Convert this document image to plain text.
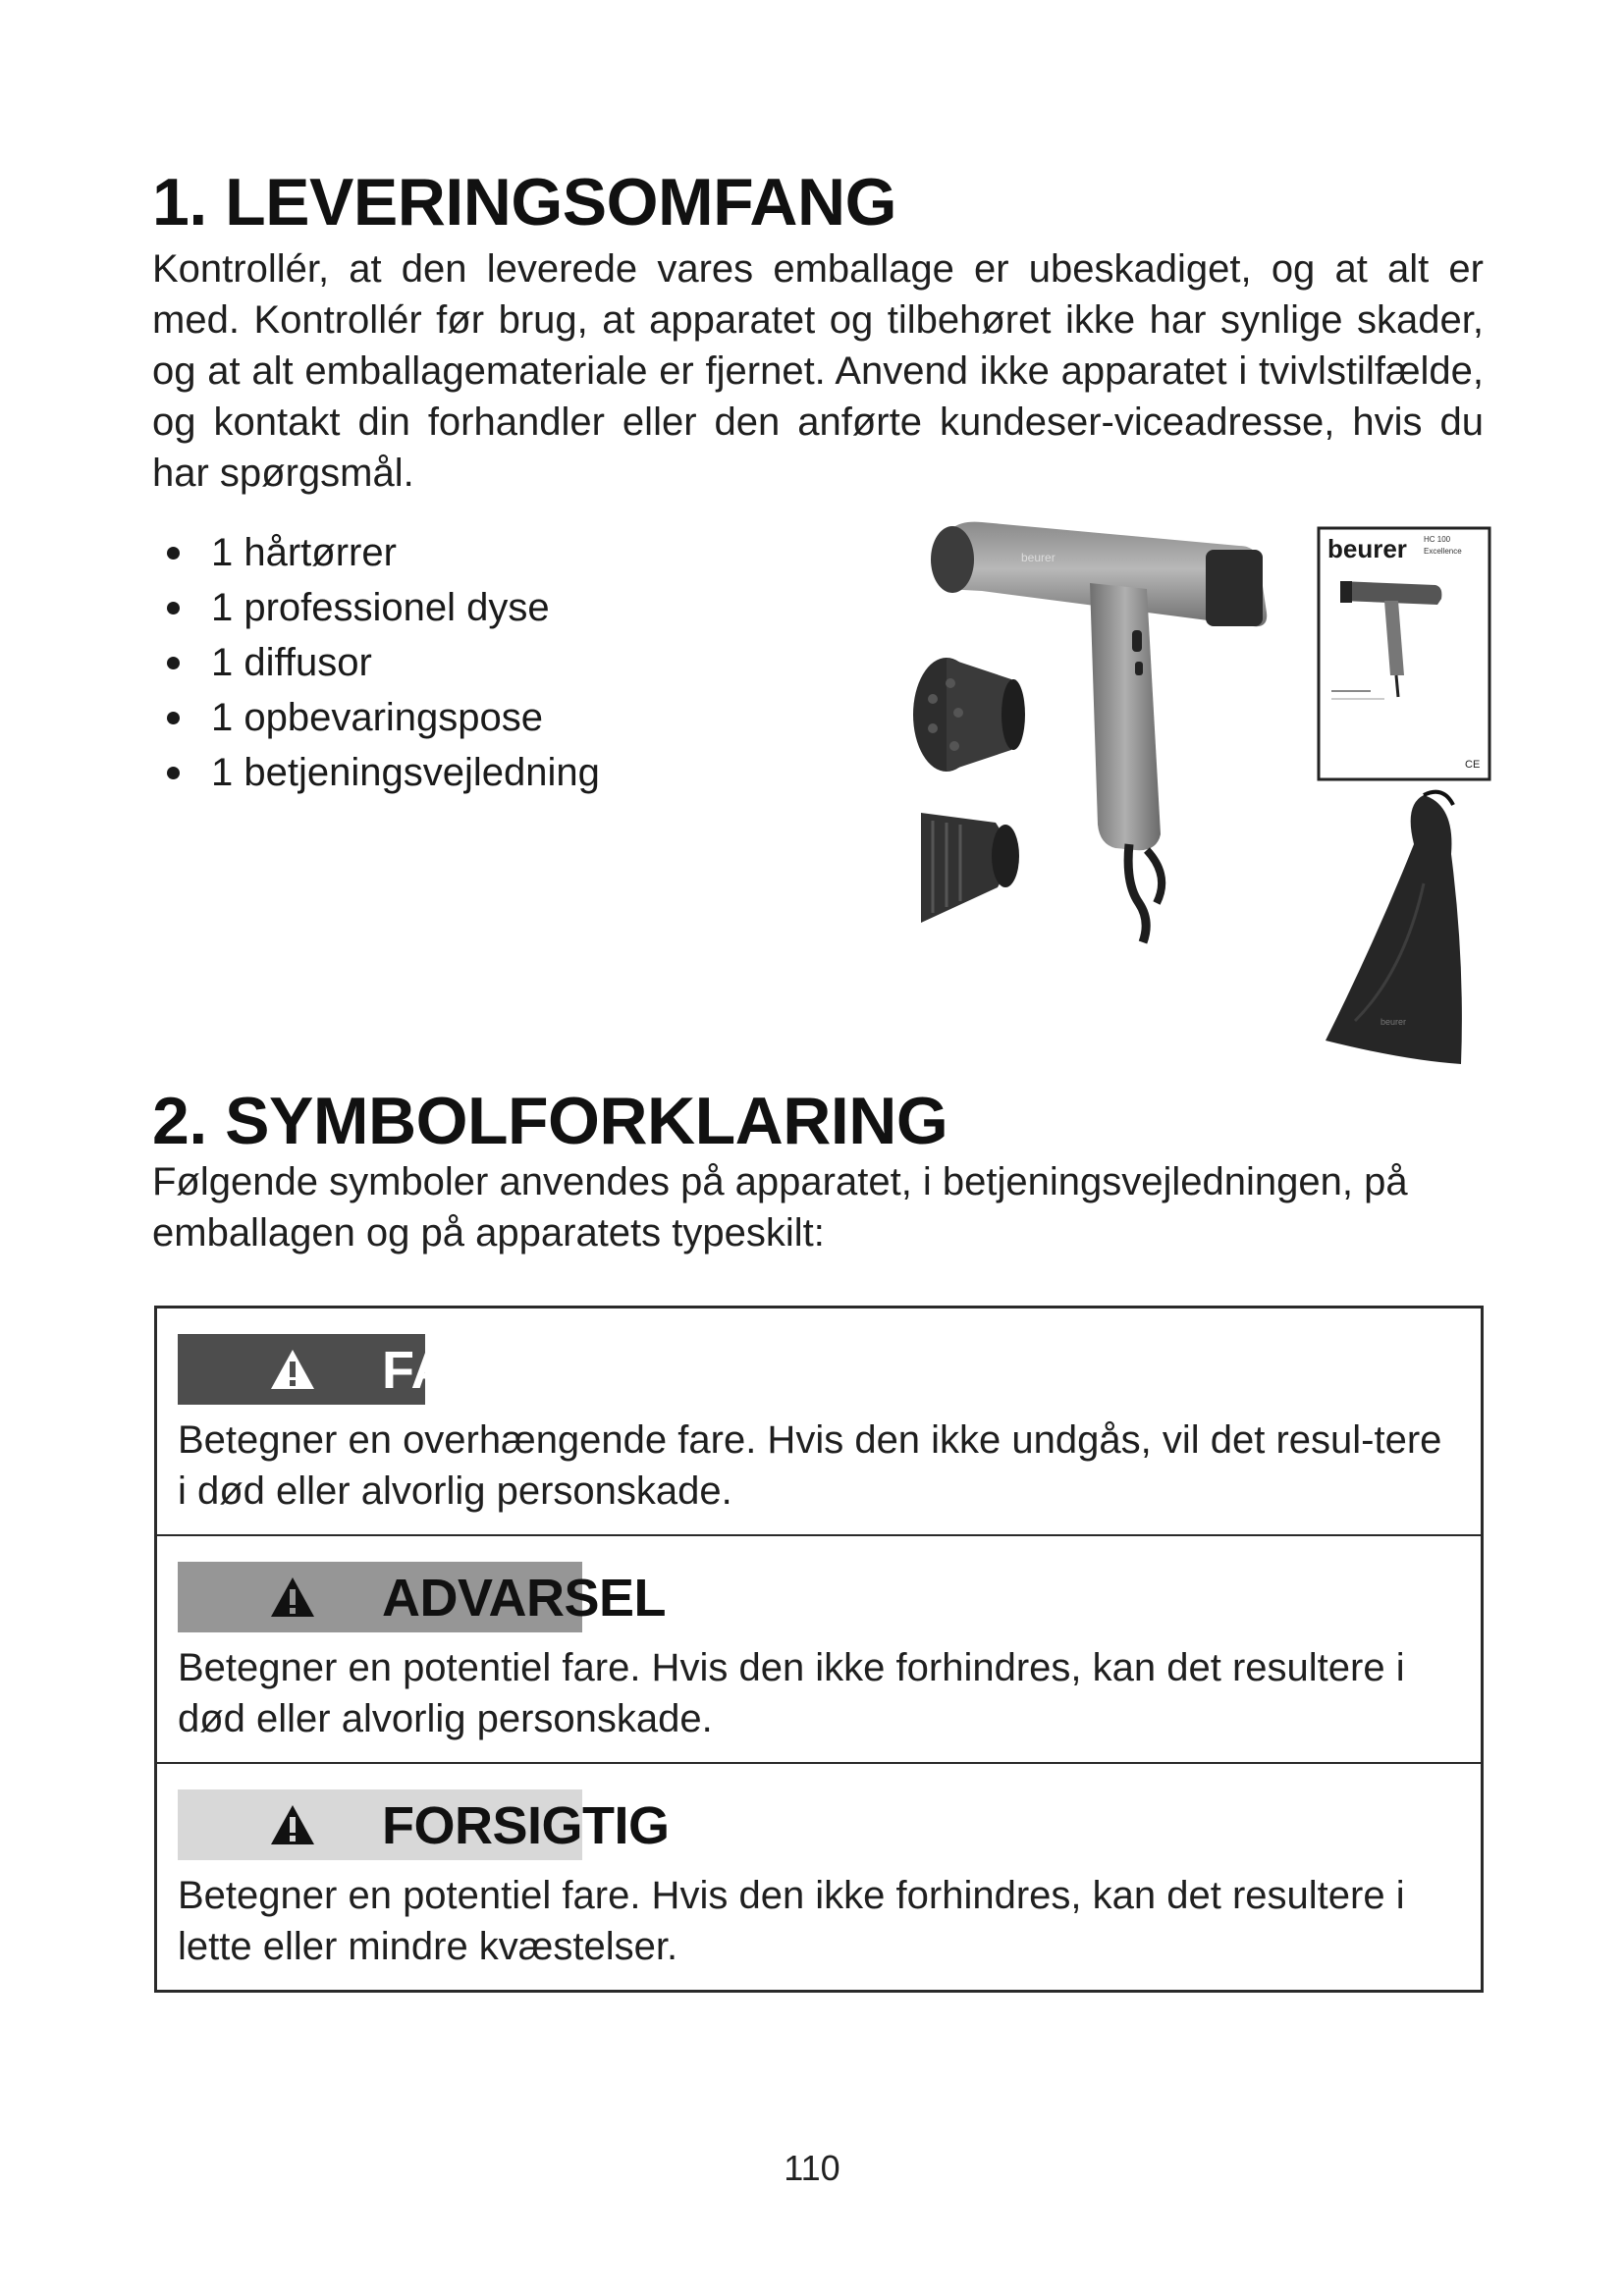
1. LEVERINGSOMFANG

Kontrollér, at den leverede vares emballage er ubeskadiget, og at alt er med. Kontrollér før brug, at apparatet og tilbehøret ikke har synlige skader, og at alt emballagemateriale er fjernet. Anvend ikke apparatet i tvivlstilfælde, og kontakt din forhandler eller den anførte kundeser-viceadresse, hvis du har spørgsmål.

1 hårtørrer
1 professionel dyse
1 diffusor
1 opbevaringspose
1 betjeningsvejledning
beurer	beurer HC 100
Excellence
CE
beurer
2. SYMBOLFORKLARING

Følgende symboler anvendes på apparatet, i betjeningsvejledningen, på emballagen og på apparatets typeskilt:

FA

Betegner en overhængende fare. Hvis den ikke undgås, vil det resul-tere i død eller alvorlig personskade.

ADVARSEL

Betegner en potentiel fare. Hvis den ikke forhindres, kan det resultere i død eller alvorlig personskade.

FORSIGTIG

Betegner en potentiel fare. Hvis den ikke forhindres, kan det resultere i lette eller mindre kvæstelser.

110
